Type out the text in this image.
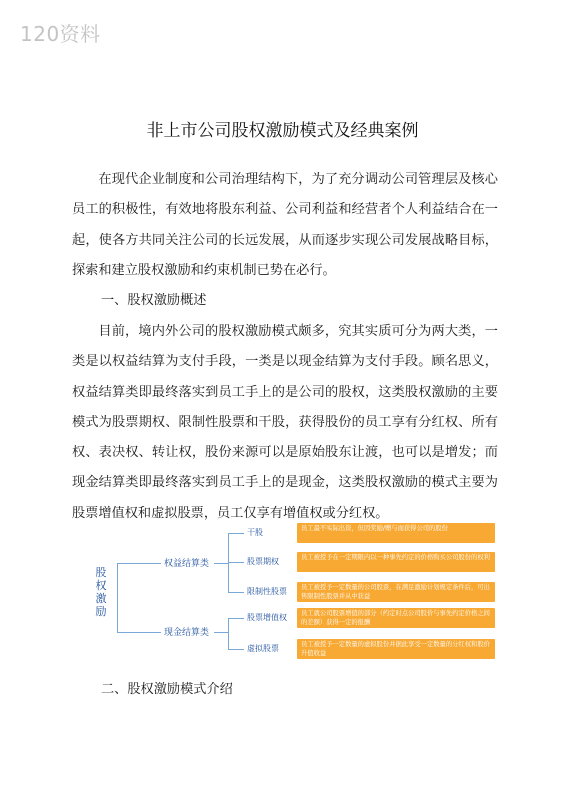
120资料
非上市公司股权激励模式及经典案例

在现代企业制度和公司治理结构下，为了充分调动公司管理层及核心员工的积极性，有效地将股东利益、公司利益和经营者个人利益结合在一起，使各方共同关注公司的长远发展，从而逐步实现公司发展战略目标，探索和建立股权激励和约束机制已势在必行。

一、股权激励概述

目前，境内外公司的股权激励模式颇多，究其实质可分为两大类，一类是以权益结算为支付手段，一类是以现金结算为支付手段。顾名思义，权益结算类即最终落实到员工手上的是公司的股权，这类股权激励的主要模式为股票期权、限制性股票和干股，获得股份的员工享有分红权、所有权、表决权、转让权，股份来源可以是原始股东让渡，也可以是增发；而现金结算类即最终落实到员工手上的是现金，这类股权激励的模式主要为股票增值权和虚拟股票，员工仅享有增值权或分红权。

股权激励
权益结算类
现金结算类
干股
股票期权
限制性股票
股票增值权
虚拟股票
员工最不实际出资，但因奖励/赠与而获得公司的股份
员工被授予在一定期限内以一种事先约定的价格购买公司股份的权利
员工被授予一定数量的公司股票，在满足激励计划规定条件后，可出售限制性股票并从中获益
员工就公司股票增值的部分（约定时点公司股价与事先约定价格之间的差额）获得一定的报酬
员工被授予一定数量的虚拟股份并据此享受一定数量的分红权和股价升值收益
二、股权激励模式介绍
